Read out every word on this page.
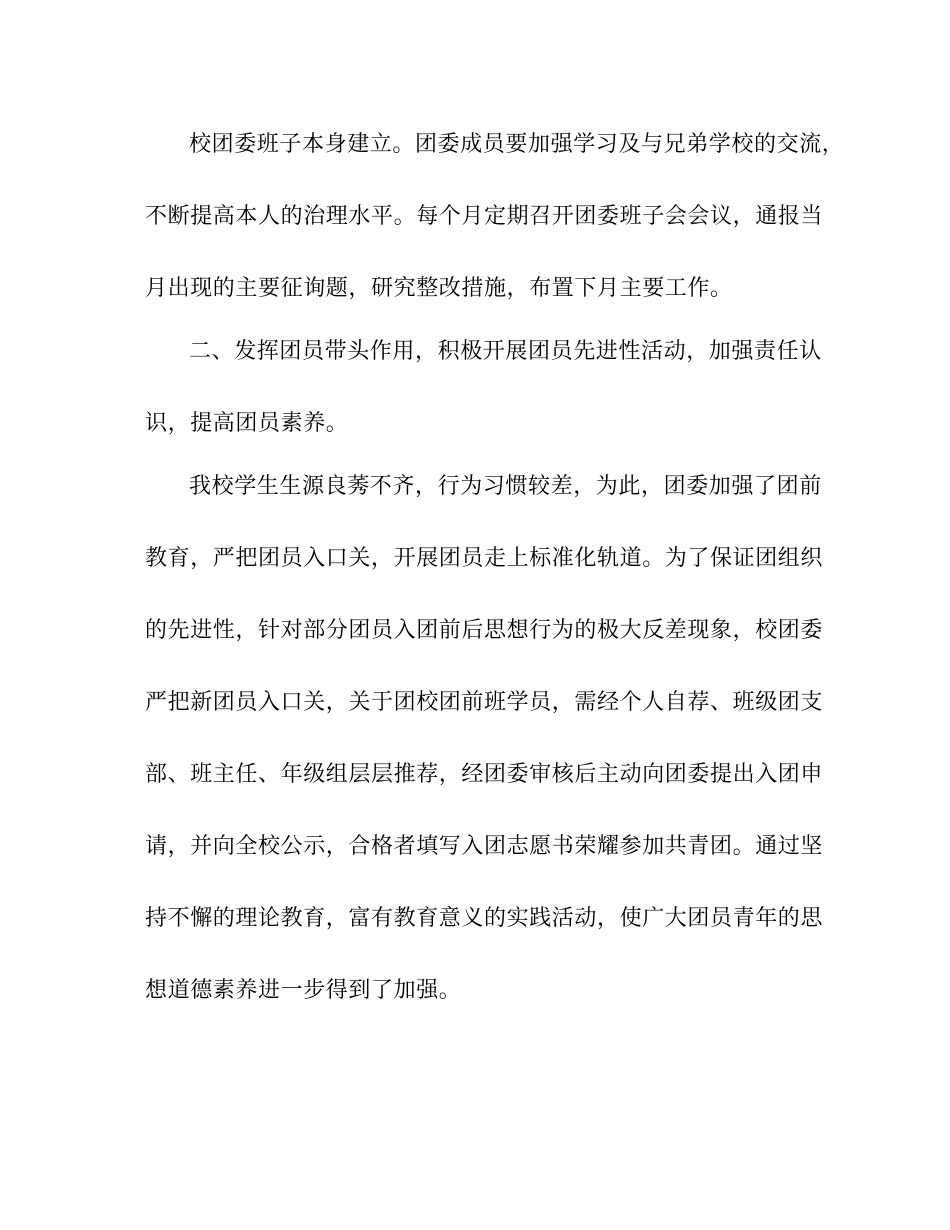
校团委班子本身建立。团委成员要加强学习及与兄弟学校的交流，
不断提高本人的治理水平。每个月定期召开团委班子会会议，通报当
月出现的主要征询题，研究整改措施，布置下月主要工作。
二、发挥团员带头作用，积极开展团员先进性活动，加强责任认
识，提高团员素养。
我校学生生源良莠不齐，行为习惯较差，为此，团委加强了团前
教育，严把团员入口关，开展团员走上标准化轨道。为了保证团组织
的先进性，针对部分团员入团前后思想行为的极大反差现象，校团委
严把新团员入口关，关于团校团前班学员，需经个人自荐、班级团支
部、班主任、年级组层层推荐，经团委审核后主动向团委提出入团申
请，并向全校公示，合格者填写入团志愿书荣耀参加共青团。通过坚
持不懈的理论教育，富有教育意义的实践活动，使广大团员青年的思
想道德素养进一步得到了加强。
